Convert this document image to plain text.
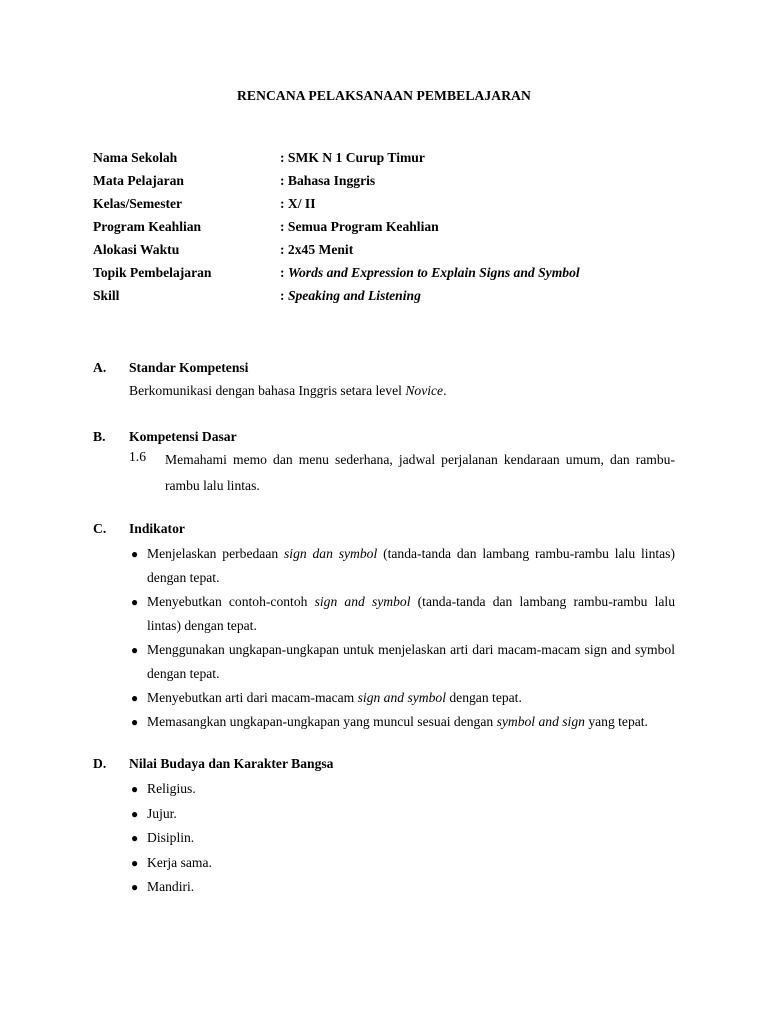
RENCANA PELAKSANAAN PEMBELAJARAN
Nama Sekolah	: SMK N 1 Curup Timur
Mata Pelajaran	: Bahasa Inggris
Kelas/Semester	: X/ II
Program Keahlian	: Semua Program Keahlian
Alokasi Waktu	: 2x45 Menit
Topik Pembelajaran	: Words and Expression to Explain Signs and Symbol
Skill	: Speaking and Listening
A. Standar Kompetensi
Berkomunikasi dengan bahasa Inggris setara level Novice.
B. Kompetensi Dasar
1.6 Memahami memo dan menu sederhana, jadwal perjalanan kendaraan umum, dan rambu-
rambu lalu lintas.
C. Indikator
● Menjelaskan perbedaan sign dan symbol (tanda-tanda dan lambang rambu-rambu lalu lintas) dengan tepat.
● Menyebutkan contoh-contoh sign and symbol (tanda-tanda dan lambang rambu-rambu lalu lintas) dengan tepat.
● Menggunakan ungkapan-ungkapan untuk menjelaskan arti dari macam-macam sign and symbol dengan tepat.
● Menyebutkan arti dari macam-macam sign and symbol dengan tepat.
● Memasangkan ungkapan-ungkapan yang muncul sesuai dengan symbol and sign yang tepat.
D. Nilai Budaya dan Karakter Bangsa
● Religius.
● Jujur.
● Disiplin.
● Kerja sama.
● Mandiri.
